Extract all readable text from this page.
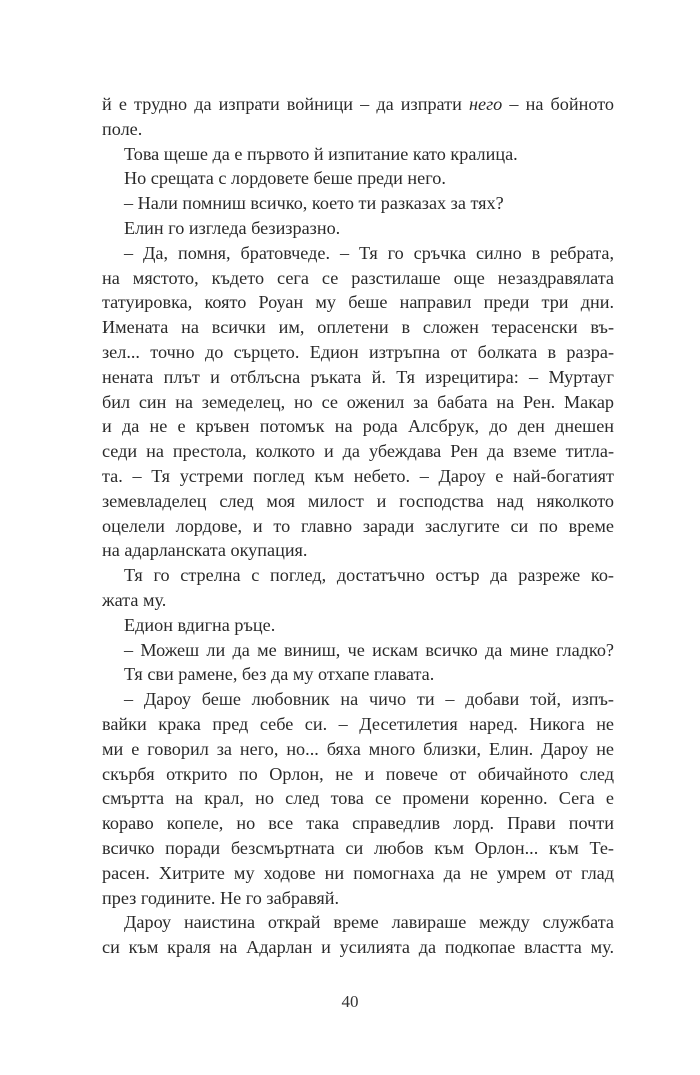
й е трудно да изпрати войници – да изпрати него – на бойното
поле.
Това щеше да е първото й изпитание като кралица.
Но срещата с лордовете беше преди него.
– Нали помниш всичко, което ти разказах за тях?
Елин го изгледа безизразно.
– Да, помня, братовчеде. – Тя го сръчка силно в ребрата,
на мястото, където сега се разстилаше още незаздравялата
татуировка, която Роуан му беше направил преди три дни.
Имената на всички им, оплетени в сложен терасенски въ-
зел... точно до сърцето. Едион изтръпна от болката в разра-
нената плът и отблъсна ръката й. Тя изрецитира: – Муртауг
бил син на земеделец, но се оженил за бабата на Рен. Макар
и да не е кръвен потомък на рода Алсбрук, до ден днешен
седи на престола, колкото и да убеждава Рен да вземе титла-
та. – Тя устреми поглед към небето. – Дароу е най-богатият
земевладелец след моя милост и господства над няколкото
оцелели лордове, и то главно заради заслугите си по време
на адарланската окупация.
Тя го стрелна с поглед, достатъчно остър да разреже ко-
жата му.
Едион вдигна ръце.
– Можеш ли да ме виниш, че искам всичко да мине гладко?
Тя сви рамене, без да му отхапе главата.
– Дароу беше любовник на чичо ти – добави той, изпъ-
вайки крака пред себе си. – Десетилетия наред. Никога не
ми е говорил за него, но... бяха много близки, Елин. Дароу не
скърбя открито по Орлон, не и повече от обичайното след
смъртта на крал, но след това се промени коренно. Сега е
кораво копеле, но все така справедлив лорд. Прави почти
всичко поради безсмъртната си любов към Орлон... към Те-
расен. Хитрите му ходове ни помогнаха да не умрем от глад
през годините. Не го забравяй.
Дароу наистина открай време лавираше между службата
си към краля на Адарлан и усилията да подкопае властта му.
40
